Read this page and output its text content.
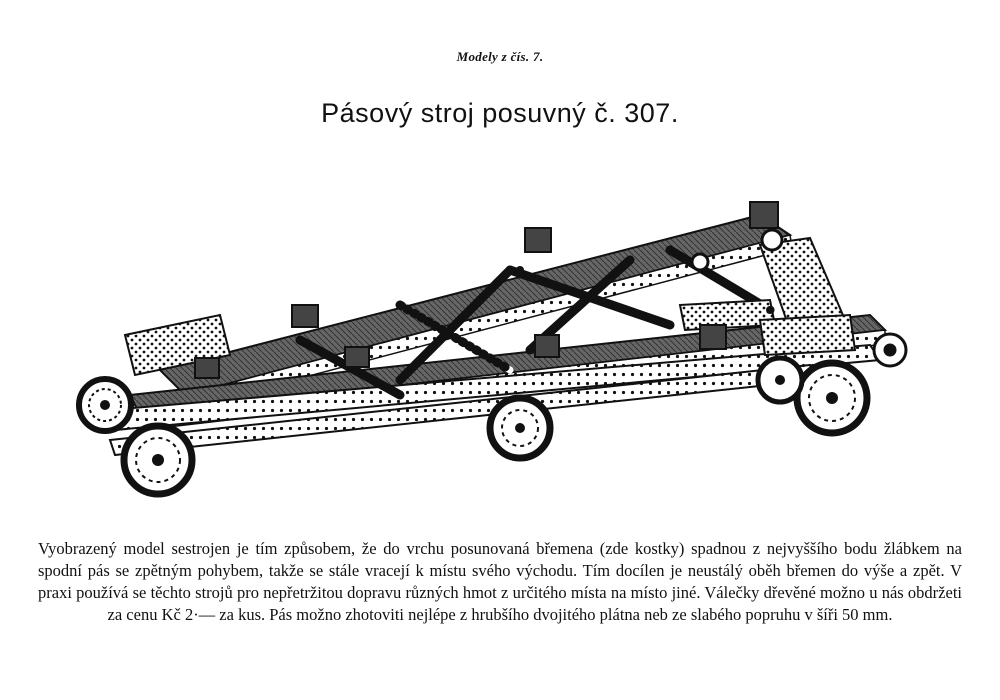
Modely z čís. 7.
Pásový stroj posuvný č. 307.

Vyobrazený model sestrojen je tím způsobem, že do vrchu posunovaná břemena (zde kostky) spadnou z nejvyššího bodu žlábkem na spodní pás se zpětným pohybem, takže se stále vracejí k místu svého východu. Tím docílen je neustálý oběh břemen do výše a zpět. V praxi používá se těchto strojů pro nepřetržitou dopravu různých hmot z určitého místa na místo jiné. Válečky dřevěné možno u nás obdržeti za cenu Kč 2·— za kus. Pás možno zhotoviti nejlépe z hrubšího dvojitého plátna neb ze slabého popruhu v šíři 50 mm.
